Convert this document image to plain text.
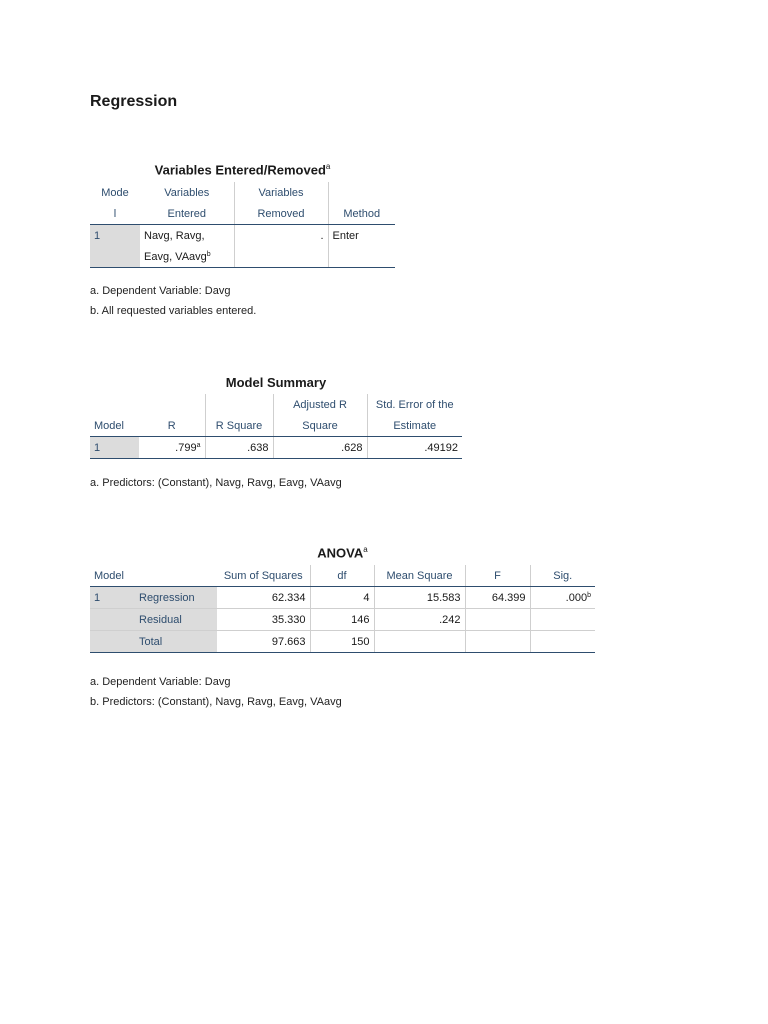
Regression
Variables Entered/Removed$^a$
Mode	Variables	Variables	
l	Entered	Removed	Method
1	Navg, Ravg,	.	Enter
	Eavg, VAavg$^b$		
a. Dependent Variable: Davg
b. All requested variables entered.
Model Summary
			Adjusted R	Std. Error of the
Model	R	R Square	Square	Estimate
1	.799$^a$	.638	.628	.49192
a. Predictors: (Constant), Navg, Ravg, Eavg, VAavg
ANOVA$^a$
Model		Sum of Squares	df	Mean Square	F	Sig.
1	Regression	62.334	4	15.583	64.399	.000$^b$
	Residual	35.330	146	.242		
	Total	97.663	150			
a. Dependent Variable: Davg
b. Predictors: (Constant), Navg, Ravg, Eavg, VAavg
